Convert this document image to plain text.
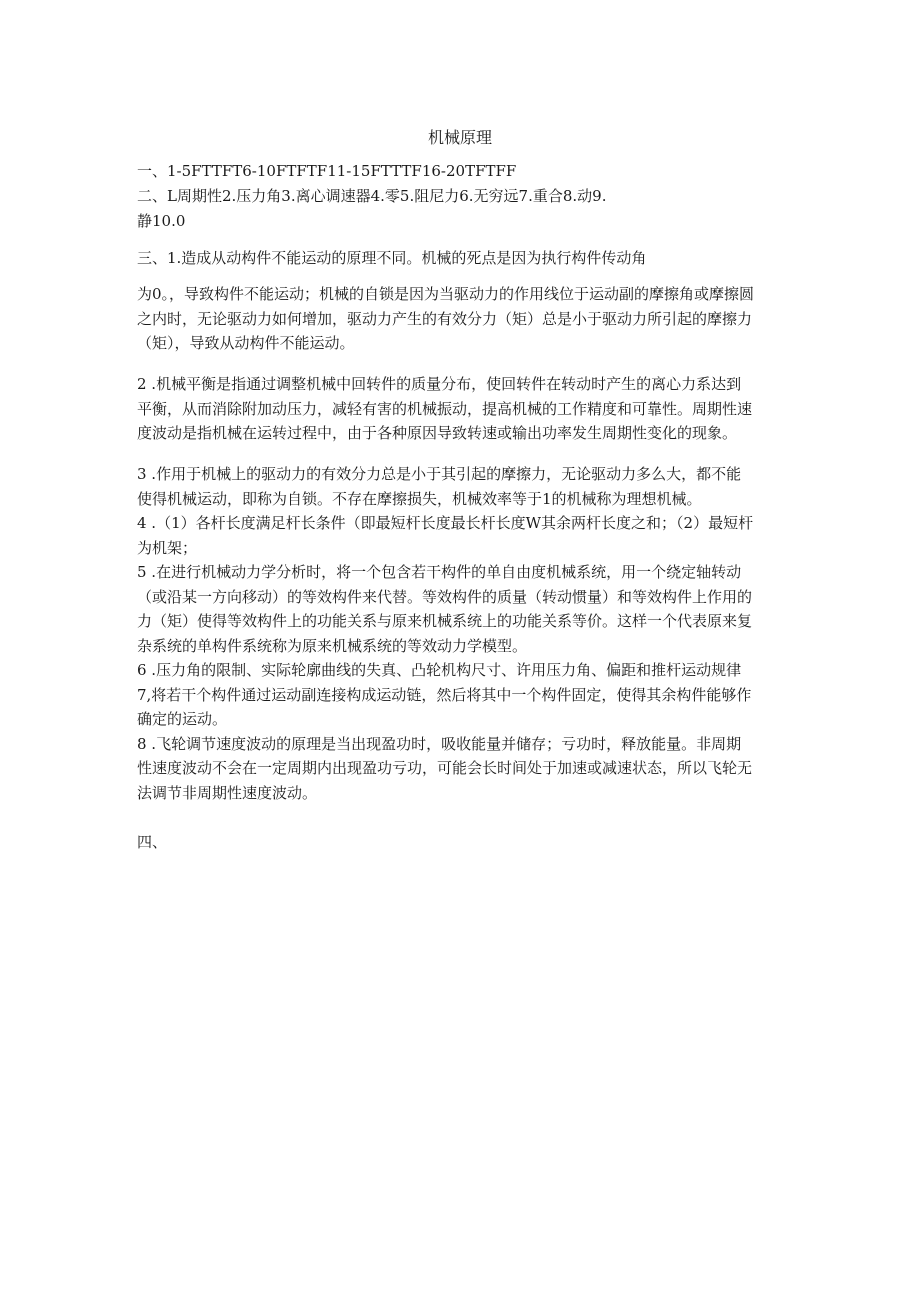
机械原理
一、1-5FTTFT6-10FTFTF11-15FTTTF16-20TFTFF
二、L周期性2.压力角3.离心调速器4.零5.阻尼力6.无穷远7.重合8.动9.
静10.0
三、1.造成从动构件不能运动的原理不同。机械的死点是因为执行构件传动角
为0。，导致构件不能运动；机械的自锁是因为当驱动力的作用线位于运动副的摩擦角或摩擦圆
之内时，无论驱动力如何增加，驱动力产生的有效分力（矩）总是小于驱动力所引起的摩擦力
（矩），导致从动构件不能运动。
2 .机械平衡是指通过调整机械中回转件的质量分布，使回转件在转动时产生的离心力系达到
平衡，从而消除附加动压力，减轻有害的机械振动，提高机械的工作精度和可靠性。周期性速
度波动是指机械在运转过程中，由于各种原因导致转速或输出功率发生周期性变化的现象。
3 .作用于机械上的驱动力的有效分力总是小于其引起的摩擦力，无论驱动力多么大，都不能
使得机械运动，即称为自锁。不存在摩擦损失，机械效率等于1的机械称为理想机械。
4 .（1）各杆长度满足杆长条件（即最短杆长度最长杆长度W其余两杆长度之和；（2）最短杆
为机架；
5 .在进行机械动力学分析时，将一个包含若干构件的单自由度机械系统，用一个绕定轴转动
（或沿某一方向移动）的等效构件来代替。等效构件的质量（转动惯量）和等效构件上作用的
力（矩）使得等效构件上的功能关系与原来机械系统上的功能关系等价。这样一个代表原来复
杂系统的单构件系统称为原来机械系统的等效动力学模型。
6 .压力角的限制、实际轮廓曲线的失真、凸轮机构尺寸、许用压力角、偏距和推杆运动规律
7,将若干个构件通过运动副连接构成运动链，然后将其中一个构件固定，使得其余构件能够作
确定的运动。
8 .飞轮调节速度波动的原理是当出现盈功时，吸收能量并储存；亏功时，释放能量。非周期
性速度波动不会在一定周期内出现盈功亏功，可能会长时间处于加速或减速状态，所以飞轮无
法调节非周期性速度波动。
四、
